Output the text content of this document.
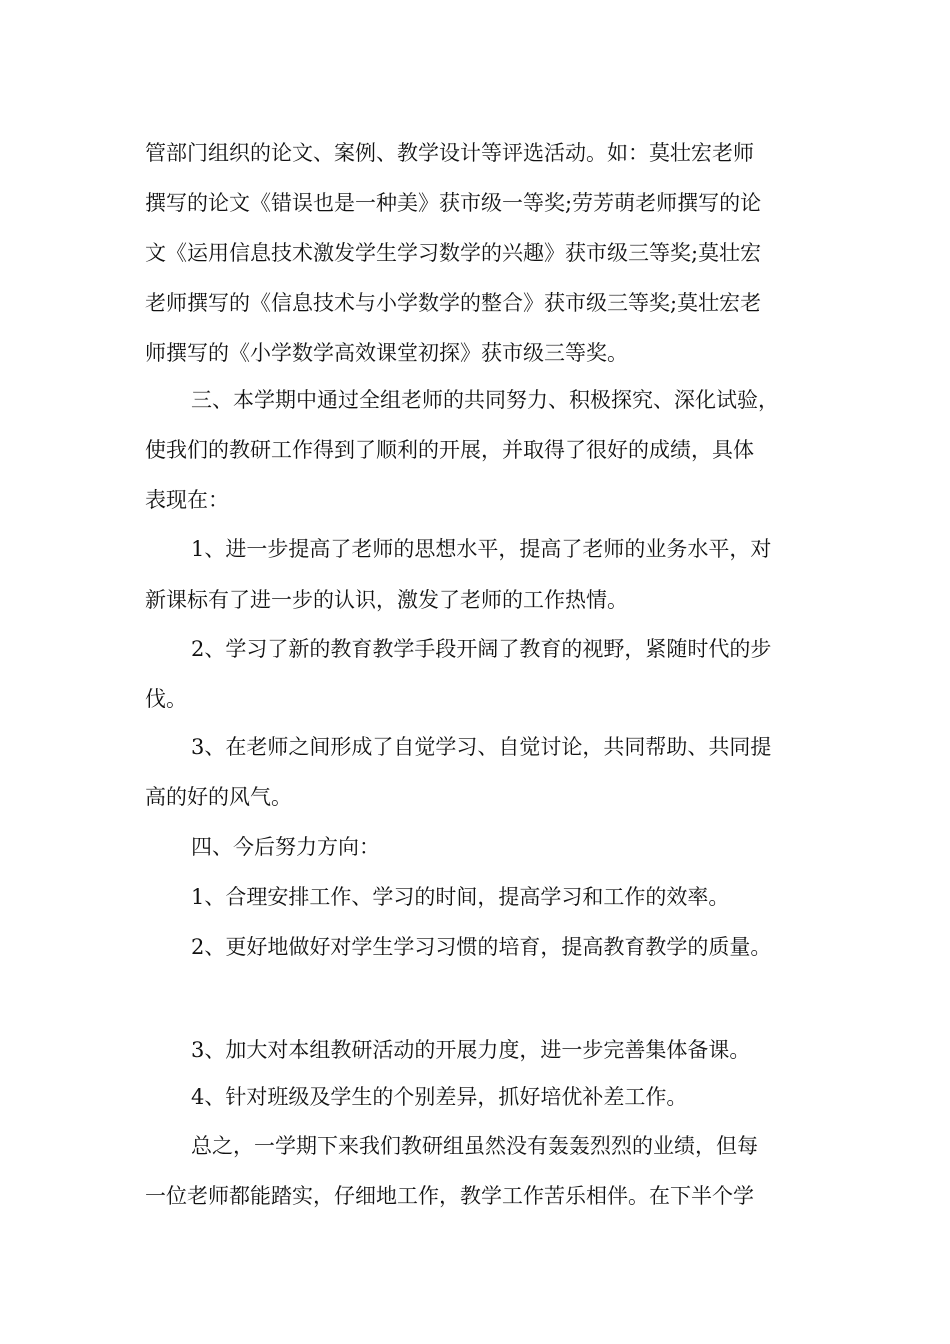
管部门组织的论文、案例、教学设计等评选活动。如：莫壮宏老师
撰写的论文《错误也是一种美》获市级一等奖;劳芳萌老师撰写的论
文《运用信息技术激发学生学习数学的兴趣》获市级三等奖;莫壮宏
老师撰写的《信息技术与小学数学的整合》获市级三等奖;莫壮宏老
师撰写的《小学数学高效课堂初探》获市级三等奖。
三、本学期中通过全组老师的共同努力、积极探究、深化试验，
使我们的教研工作得到了顺利的开展，并取得了很好的成绩，具体
表现在：
1、进一步提高了老师的思想水平，提高了老师的业务水平，对
新课标有了进一步的认识，激发了老师的工作热情。
2、学习了新的教育教学手段开阔了教育的视野，紧随时代的步
伐。
3、在老师之间形成了自觉学习、自觉讨论，共同帮助、共同提
高的好的风气。
四、今后努力方向：
1、合理安排工作、学习的时间，提高学习和工作的效率。
2、更好地做好对学生学习习惯的培育，提高教育教学的质量。
3、加大对本组教研活动的开展力度，进一步完善集体备课。
4、针对班级及学生的个别差异，抓好培优补差工作。
总之，一学期下来我们教研组虽然没有轰轰烈烈的业绩，但每
一位老师都能踏实，仔细地工作，教学工作苦乐相伴。在下半个学
